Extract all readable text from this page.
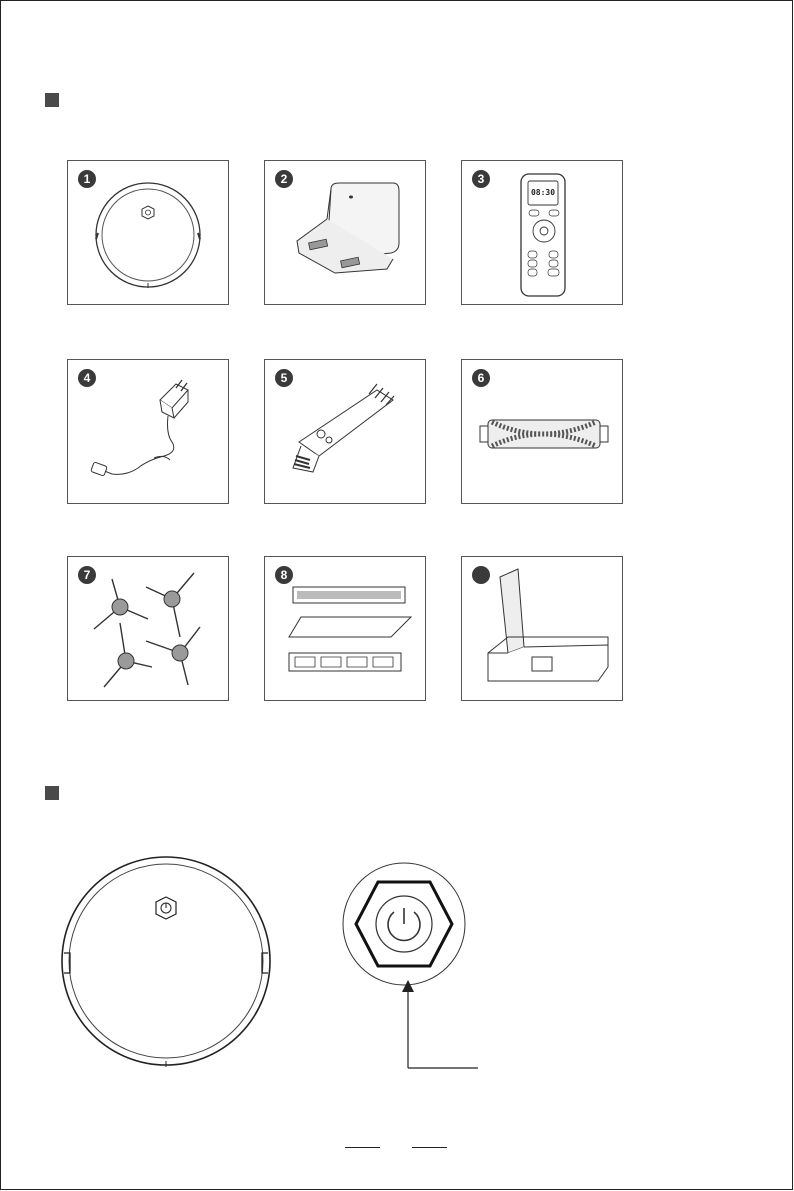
1	2	3
08:30
4	5	6
7	8
